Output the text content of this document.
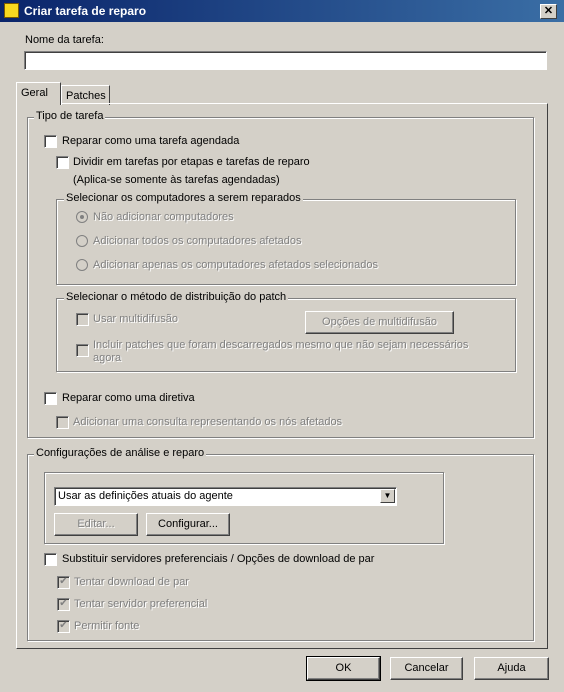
Criar tarefa de reparo	✕
Nome da tarefa:
Geral	Patches
Tipo de tarefa
Reparar como uma tarefa agendada
Dividir em tarefas por etapas e tarefas de reparo
(Aplica-se somente às tarefas agendadas)
Selecionar os computadores a serem reparados
Não adicionar computadores
Adicionar todos os computadores afetados
Adicionar apenas os computadores afetados selecionados
Selecionar o método de distribuição do patch
Usar multidifusão	Opções de multidifusão
Incluir patches que foram descarregados mesmo que não sejam necessários agora
Reparar como uma diretiva
Adicionar uma consulta representando os nós afetados
Configurações de análise e reparo
Usar as definições atuais do agente	▼
Editar...	Configurar...
Substituir servidores preferenciais / Opções de download de par
✔ Tentar download de par
✔ Tentar servidor preferencial
✔ Permitir fonte
OK	Cancelar	Ajuda
